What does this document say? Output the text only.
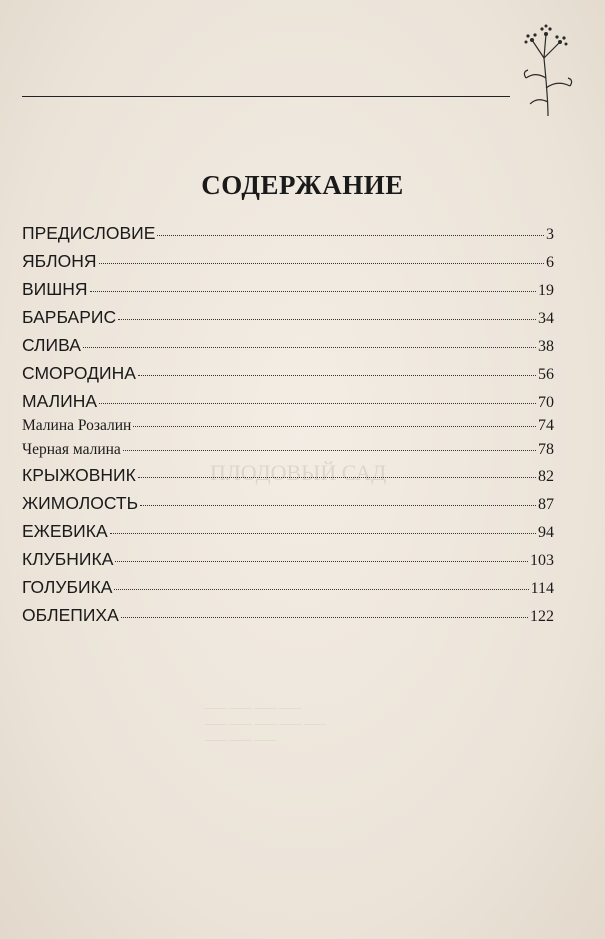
ПЛОДОВЫЙ САД
—— —— —— ——
—— —— —— —— ——
—— —— ——
СОДЕРЖАНИЕ
ПРЕДИСЛОВИЕ	3
ЯБЛОНЯ	6
ВИШНЯ	19
БАРБАРИС	34
СЛИВА	38
СМОРОДИНА	56
МАЛИНА	70
Малина Розалин	74
Черная малина	78
КРЫЖОВНИК	82
ЖИМОЛОСТЬ	87
ЕЖЕВИКА	94
КЛУБНИКА	103
ГОЛУБИКА	114
ОБЛЕПИХА	122
